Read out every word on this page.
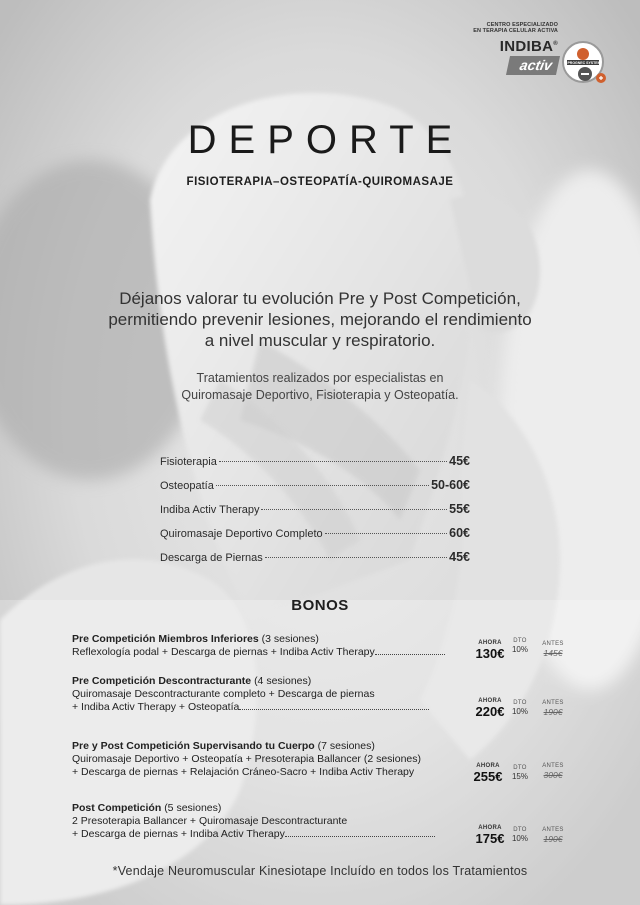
CENTRO ESPECIALIZADO
EN TERAPIA CELULAR ACTIVA
INDIBA®
activ	PROGNEC SYSTEM
DEPORTE
FISIOTERAPIA–OSTEOPATÍA-QUIROMASAJE
Déjanos valorar tu evolución Pre y Post Competición,
permitiendo prevenir lesiones, mejorando el rendimiento
a nivel muscular y respiratorio.
Tratamientos realizados por especialistas en
Quiromasaje Deportivo, Fisioterapia y Osteopatía.
Fisioterapia	45€
Osteopatía	50-60€
Indiba Activ Therapy	55€
Quiromasaje Deportivo Completo	60€
Descarga de Piernas	45€
BONOS
Pre Competición Miembros Inferiores (3 sesiones)
Reflexología podal + Descarga de piernas + Indiba Activ Therapy
AHORA
130€
DTO
10%
ANTES
145€
Pre Competición Descontracturante (4 sesiones)
Quiromasaje Descontracturante completo + Descarga de piernas
+ Indiba Activ Therapy + Osteopatía	AHORA
220€
DTO
10%
ANTES
190€
Pre y Post Competición Supervisando tu Cuerpo (7 sesiones)
Quiromasaje Deportivo + Osteopatía + Presoterapia Ballancer (2 sesiones)
+ Descarga de piernas + Relajación Cráneo-Sacro + Indiba Activ Therapy	AHORA
255€
DTO
15%
ANTES
300€
Post Competición (5 sesiones)
2 Presoterapia Ballancer + Quiromasaje Descontracturante
+ Descarga de piernas + Indiba Activ Therapy	AHORA
175€
DTO
10%
ANTES
190€
*Vendaje Neuromuscular Kinesiotape Incluído en todos los Tratamientos
